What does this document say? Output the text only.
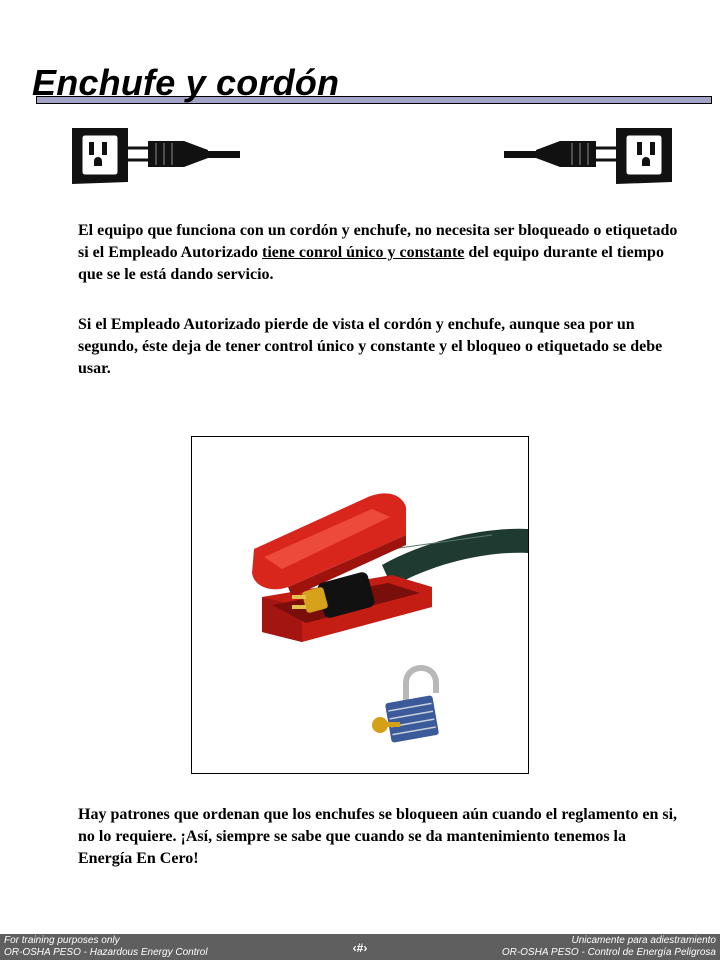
Enchufe y cordón

El equipo que funciona con un cordón y enchufe, no necesita ser bloqueado o etiquetado si el Empleado Autorizado tiene conrol único y constante del equipo durante el tiempo que se le está dando servicio.

Si el Empleado Autorizado pierde de vista el cordón y enchufe, aunque sea por un segundo, éste deja de tener control único y constante y el bloqueo o etiquetado se debe usar.

Hay patrones que ordenan que los enchufes se bloqueen aún cuando el reglamento en si, no lo requiere. ¡Así, siempre se sabe que cuando se da mantenimiento tenemos la Energía En Cero!

For training purposes only
OR-OSHA PESO - Hazardous Energy Control	‹#›
Unicamente para adiestramiento
OR-OSHA PESO - Control de Energía Peligrosa
